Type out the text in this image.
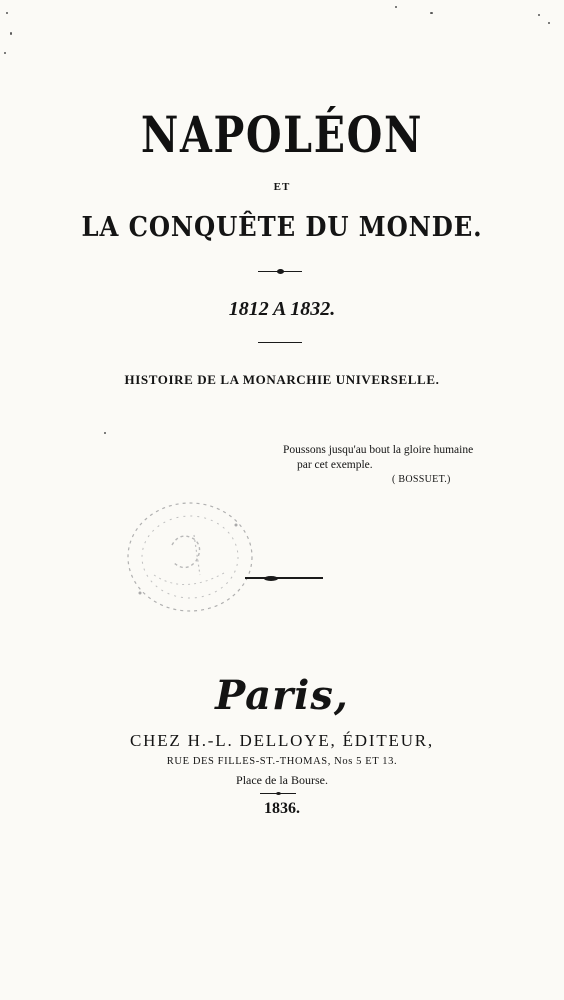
NAPOLÉON
ET
LA CONQUÊTE DU MONDE.
1812 A 1832.
HISTOIRE DE LA MONARCHIE UNIVERSELLE.
Poussons jusqu'au bout la gloire humaine
par cet exemple.
( BOSSUET.)
Paris,
CHEZ H.-L. DELLOYE, ÉDITEUR,
RUE DES FILLES-ST.-THOMAS, Nos 5 ET 13.
Place de la Bourse.
1836.
